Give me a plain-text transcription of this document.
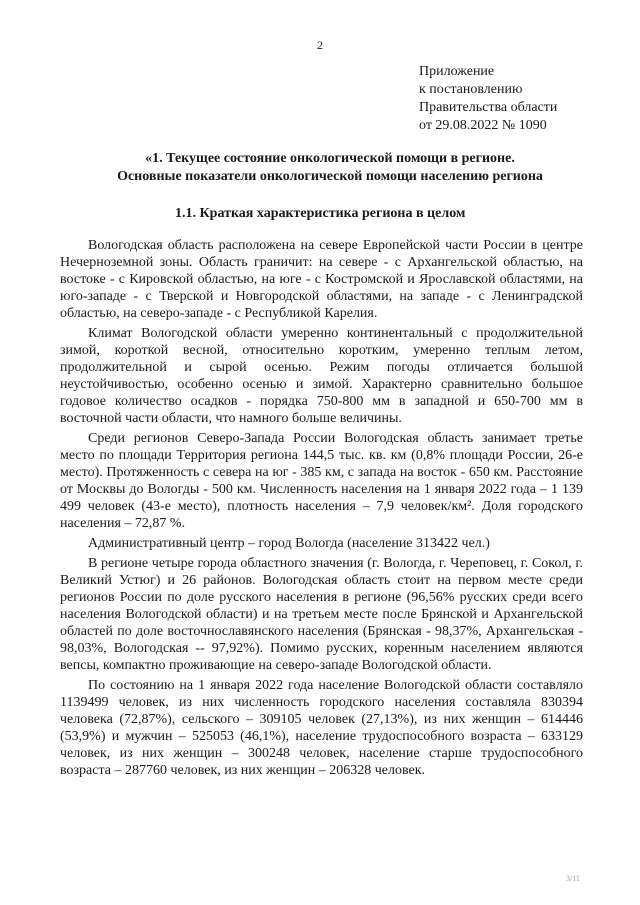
2
Приложение
к постановлению
Правительства области
от 29.08.2022 № 1090
«1. Текущее состояние онкологической помощи в регионе.
Основные показатели онкологической помощи населению региона
1.1. Краткая характеристика региона в целом

Вологодская область расположена на севере Европейской части России в центре Нечерноземной зоны. Область граничит: на севере - с Архангельской областью, на востоке - с Кировской областью, на юге - с Костромской и Ярославской областями, на юго-западе - с Тверской и Новгородской областями, на западе - с Ленинградской областью, на северо-западе - с Республикой Карелия.

Климат Вологодской области умеренно континентальный с продолжительной зимой, короткой весной, относительно коротким, умеренно теплым летом, продолжительной и сырой осенью. Режим погоды отличается большой неустойчивостью, особенно осенью и зимой. Характерно сравнительно большое годовое количество осадков - порядка 750-800 мм в западной и 650-700 мм в восточной части области, что намного больше величины.

Среди регионов Северо-Запада России Вологодская область занимает третье место по площади Территория региона 144,5 тыс. кв. км (0,8% площади России, 26-е место). Протяженность с севера на юг - 385 км, с запада на восток - 650 км. Расстояние от Москвы до Вологды - 500 км. Численность населения на 1 января 2022 года – 1 139 499 человек (43-е место), плотность населения – 7,9 человек/км². Доля городского населения – 72,87 %.

Административный центр – город Вологда (население 313422 чел.)

В регионе четыре города областного значения (г. Вологда, г. Череповец, г. Сокол, г. Великий Устюг) и 26 районов. Вологодская область стоит на первом месте среди регионов России по доле русского населения в регионе (96,56% русских среди всего населения Вологодской области) и на третьем месте после Брянской и Архангельской областей по доле восточнославянского населения (Брянская - 98,37%, Архангельская - 98,03%, Вологодская -- 97,92%). Помимо русских, коренным населением являются вепсы, компактно проживающие на северо-западе Вологодской области.

По состоянию на 1 января 2022 года население Вологодской области составляло 1139499 человек, из них численность городского населения составляла 830394 человека (72,87%), сельского – 309105 человек (27,13%), из них женщин – 614446 (53,9%) и мужчин – 525053 (46,1%), население трудоспособного возраста – 633129 человек, из них женщин – 300248 человек, население старше трудоспособного возраста – 287760 человек, из них женщин – 206328 человек.

3/11
